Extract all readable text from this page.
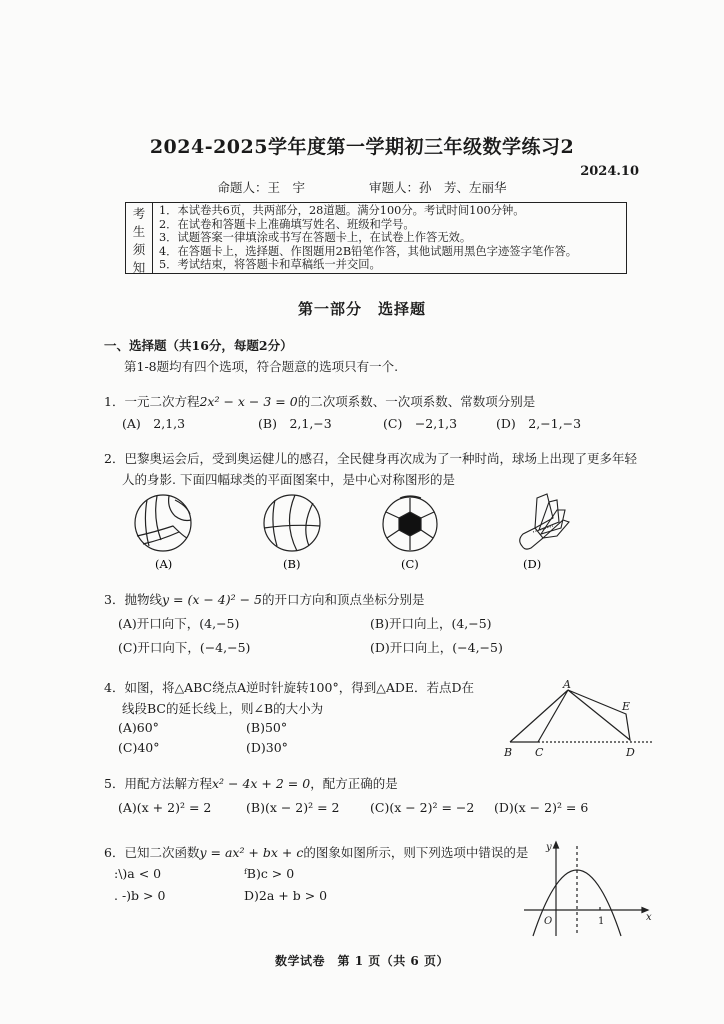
2024-2025学年度第一学期初三年级数学练习2
2024.10
命题人：王　宇	审题人：孙　芳、左丽华
考
生
须
知
1．本试卷共6页，共两部分，28道题。满分100分。考试时间100分钟。
2．在试卷和答题卡上准确填写姓名、班级和学号。
3．试题答案一律填涂或书写在答题卡上，在试卷上作答无效。
4．在答题卡上，选择题、作图题用2B铅笔作答，其他试题用黑色字迹签字笔作答。
5．考试结束，将答题卡和草稿纸一并交回。
第一部分　选择题
一、选择题（共16分，每题2分）
第1-8题均有四个选项，符合题意的选项只有一个.
1．一元二次方程2x² − x − 3 = 0的二次项系数、一次项系数、常数项分别是
(A)　2,1,3	(B)　2,1,−3	(C)　−2,1,3	(D)　2,−1,−3
2．巴黎奥运会后，受到奥运健儿的感召，全民健身再次成为了一种时尚，球场上出现了更多年轻
人的身影. 下面四幅球类的平面图案中，是中心对称图形的是
(A)	(B)	(C)	(D)
3．抛物线y = (x − 4)² − 5的开口方向和顶点坐标分别是
(A)开口向下，(4,−5)	(B)开口向上，(4,−5)
(C)开口向下，(−4,−5)	(D)开口向上，(−4,−5)
4．如图，将△ABC绕点A逆时针旋转100°，得到△ADE．若点D在
线段BC的延长线上，则∠B的大小为
(A)60°	(B)50°
(C)40°	(D)30°
A
B C	D
E
5．用配方法解方程x² − 4x + 2 = 0，配方正确的是
(A)(x + 2)² = 2	(B)(x − 2)² = 2 (C)(x − 2)² = −2 (D)(x − 2)² = 6
6．已知二次函数y = ax² + bx + c的图象如图所示，则下列选项中错误的是
:\)a < 0	ᶠB)c > 0
. -)b > 0	D)2a + b > 0
y
x
O	1
数学试卷　第 1 页（共 6 页）
